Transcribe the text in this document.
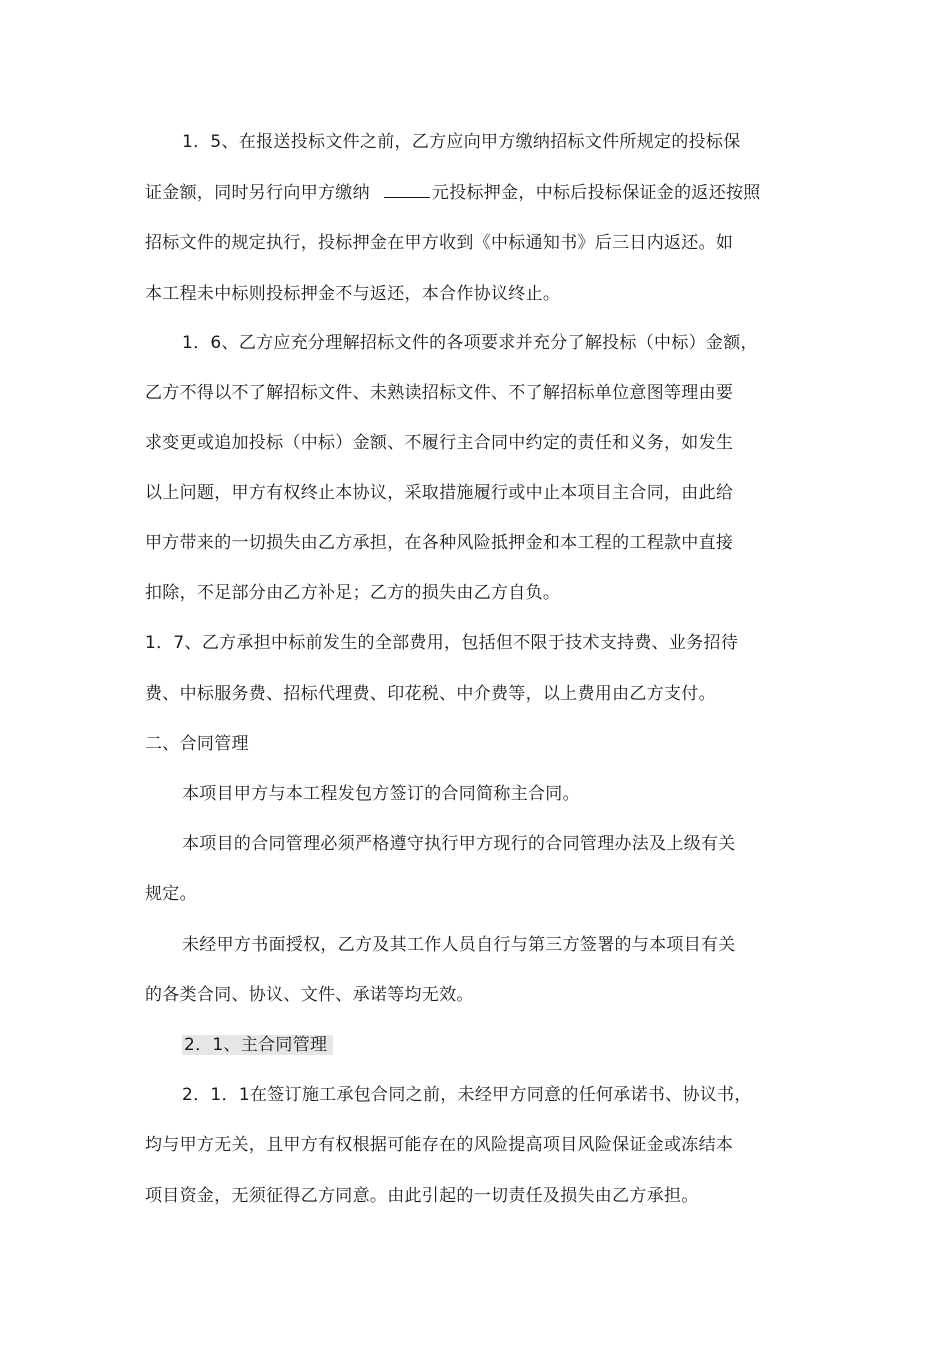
1．5、在报送投标文件之前，乙方应向甲方缴纳招标文件所规定的投标保
证金额，同时另行向甲方缴纳	元投标押金，中标后投标保证金的返还按照
招标文件的规定执行，投标押金在甲方收到《中标通知书》后三日内返还。如
本工程未中标则投标押金不与返还，本合作协议终止。
1．6、乙方应充分理解招标文件的各项要求并充分了解投标（中标）金额，
乙方不得以不了解招标文件、未熟读招标文件、不了解招标单位意图等理由要
求变更或追加投标（中标）金额、不履行主合同中约定的责任和义务，如发生
以上问题，甲方有权终止本协议，采取措施履行或中止本项目主合同，由此给
甲方带来的一切损失由乙方承担，在各种风险抵押金和本工程的工程款中直接
扣除，不足部分由乙方补足；乙方的损失由乙方自负。
1．7、乙方承担中标前发生的全部费用，包括但不限于技术支持费、业务招待
费、中标服务费、招标代理费、印花税、中介费等，以上费用由乙方支付。
二、合同管理
本项目甲方与本工程发包方签订的合同简称主合同。
本项目的合同管理必须严格遵守执行甲方现行的合同管理办法及上级有关
规定。
未经甲方书面授权，乙方及其工作人员自行与第三方签署的与本项目有关
的各类合同、协议、文件、承诺等均无效。
2．1、主合同管理
2．1．1在签订施工承包合同之前，未经甲方同意的任何承诺书、协议书，
均与甲方无关，且甲方有权根据可能存在的风险提高项目风险保证金或冻结本
项目资金，无须征得乙方同意。由此引起的一切责任及损失由乙方承担。
